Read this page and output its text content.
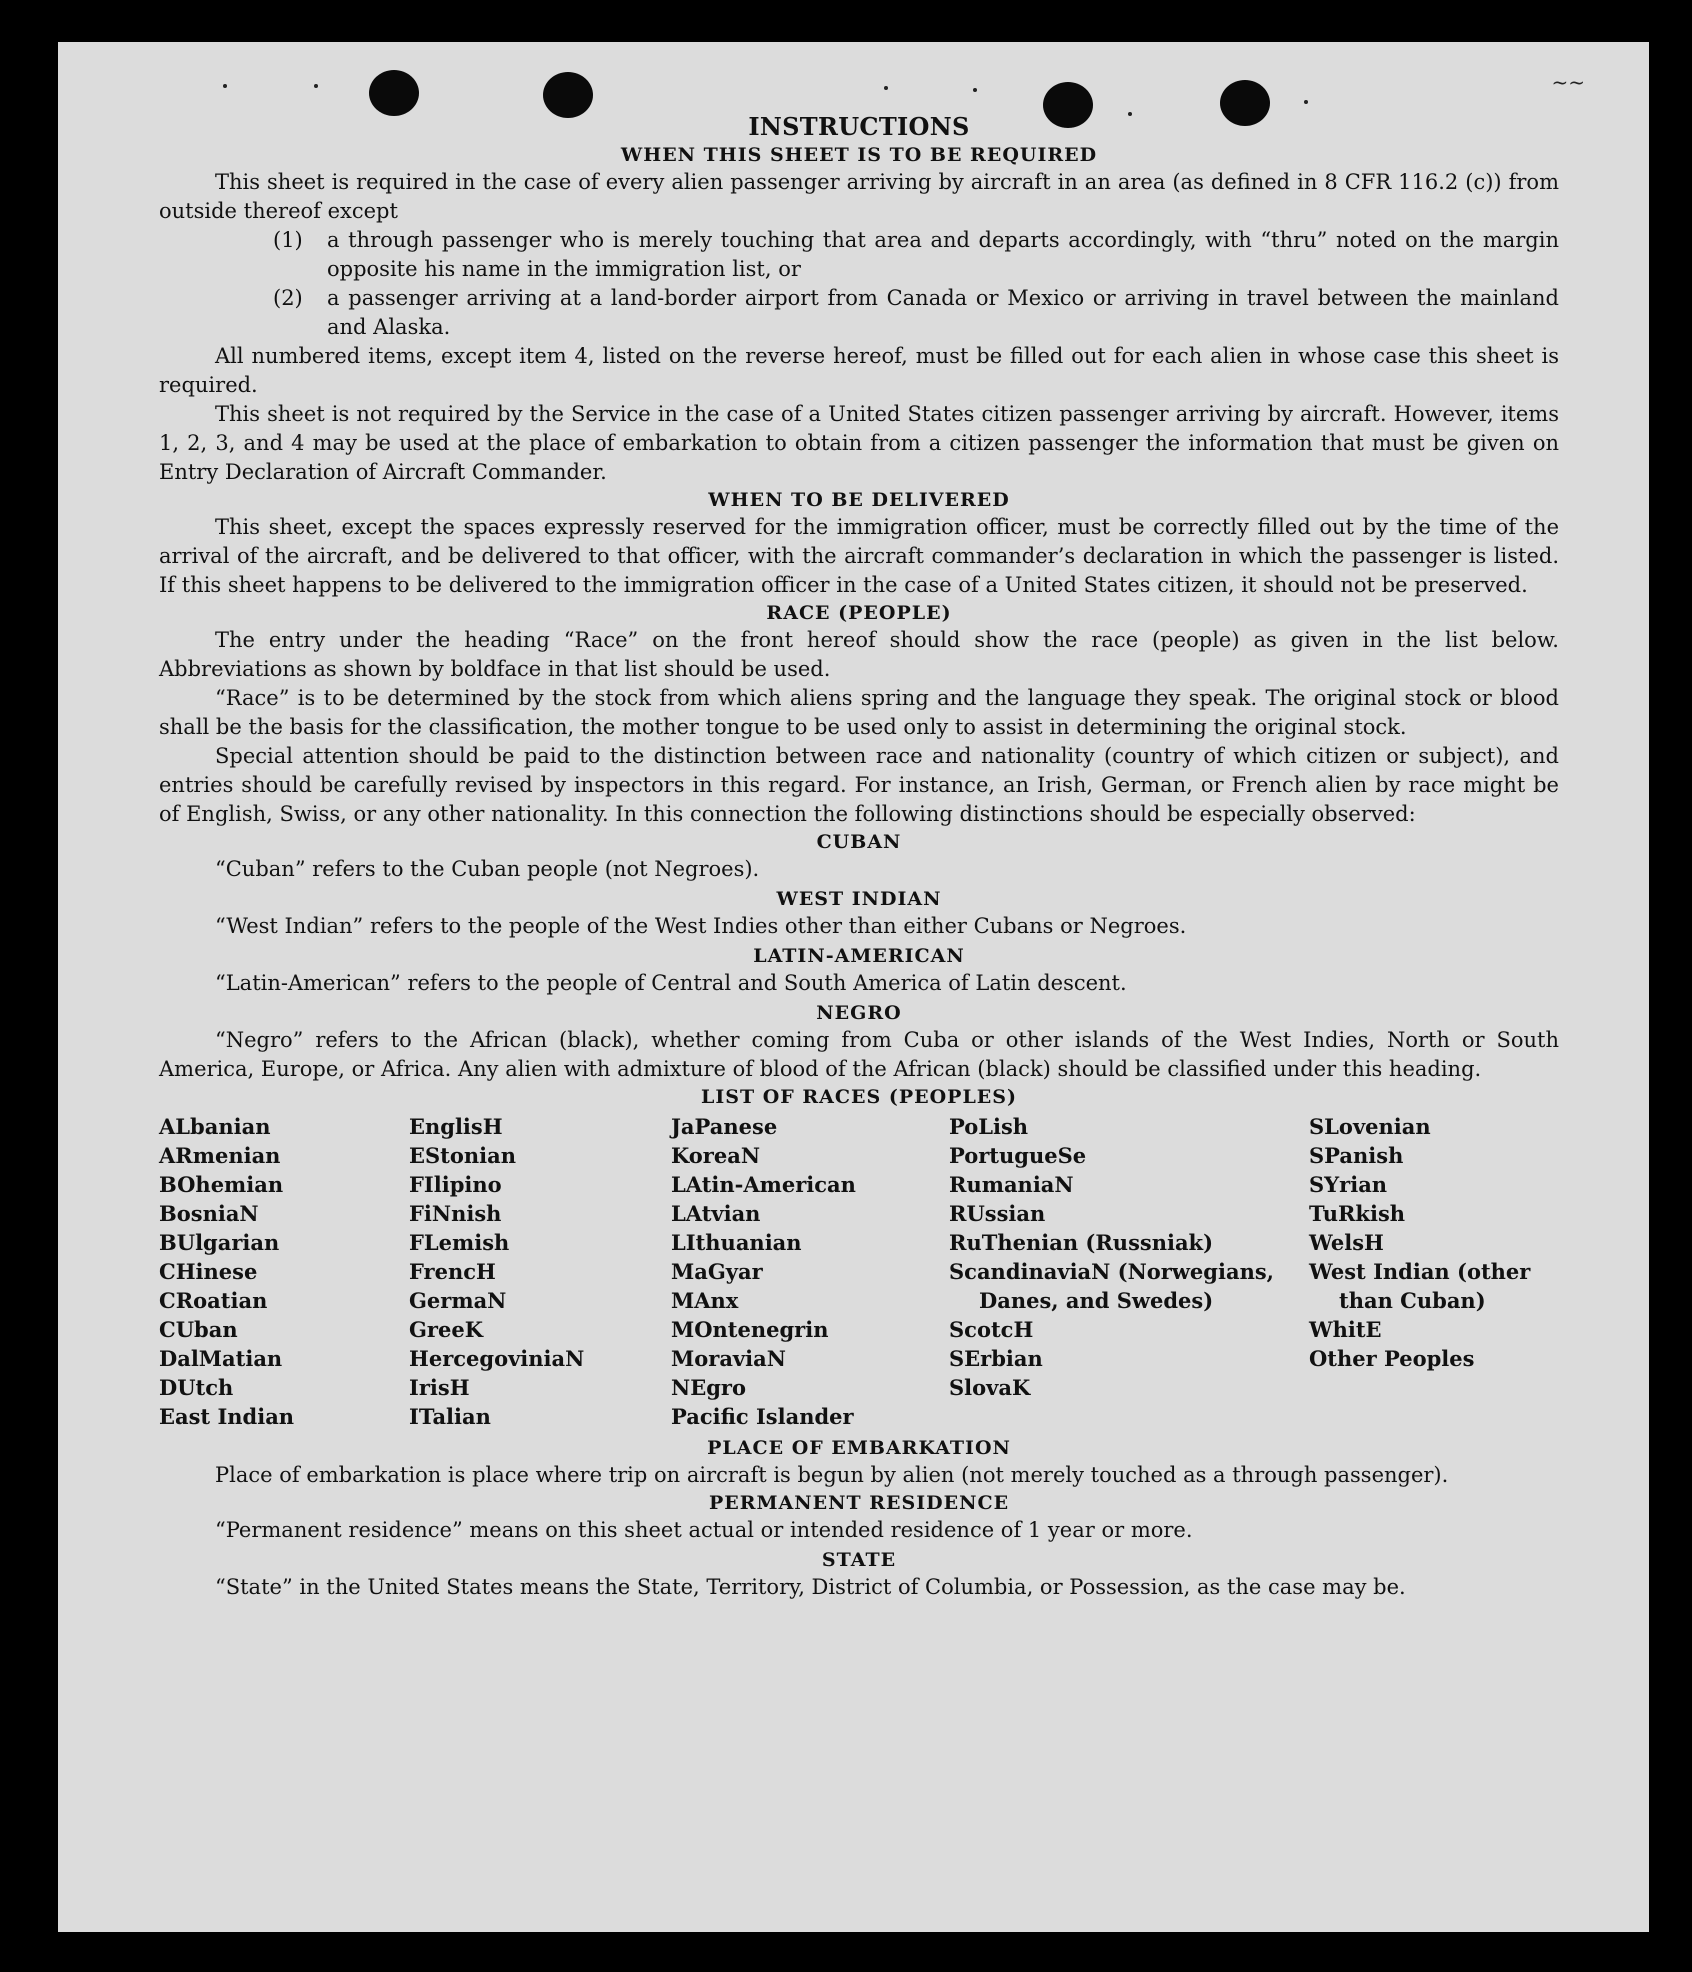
~~
INSTRUCTIONS
WHEN THIS SHEET IS TO BE REQUIRED

This sheet is required in the case of every alien passenger arriving by aircraft in an area (as defined in 8 CFR 116.2 (c)) from outside thereof except

(1)	a through passenger who is merely touching that area and departs accordingly, with “thru” noted on the margin opposite his name in the immigration list, or
(2)	a passenger arriving at a land-border airport from Canada or Mexico or arriving in travel between the mainland and Alaska.

All numbered items, except item 4, listed on the reverse hereof, must be filled out for each alien in whose case this sheet is required.

This sheet is not required by the Service in the case of a United States citizen passenger arriving by aircraft. However, items 1, 2, 3, and 4 may be used at the place of embarkation to obtain from a citizen passenger the information that must be given on Entry Declaration of Aircraft Commander.

WHEN TO BE DELIVERED

This sheet, except the spaces expressly reserved for the immigration officer, must be correctly filled out by the time of the arrival of the aircraft, and be delivered to that officer, with the aircraft commander’s declaration in which the passenger is listed. If this sheet happens to be delivered to the immigration officer in the case of a United States citizen, it should not be preserved.

RACE (PEOPLE)

The entry under the heading “Race” on the front hereof should show the race (people) as given in the list below. Abbreviations as shown by boldface in that list should be used.

“Race” is to be determined by the stock from which aliens spring and the language they speak. The original stock or blood shall be the basis for the classification, the mother tongue to be used only to assist in determining the original stock.

Special attention should be paid to the distinction between race and nationality (country of which citizen or subject), and entries should be carefully revised by inspectors in this regard. For instance, an Irish, German, or French alien by race might be of English, Swiss, or any other nationality. In this connection the following distinctions should be especially observed:

CUBAN

“Cuban” refers to the Cuban people (not Negroes).

WEST INDIAN

“West Indian” refers to the people of the West Indies other than either Cubans or Negroes.

LATIN-AMERICAN

“Latin-American” refers to the people of Central and South America of Latin descent.

NEGRO

“Negro” refers to the African (black), whether coming from Cuba or other islands of the West Indies, North or South America, Europe, or Africa. Any alien with admixture of blood of the African (black) should be classified under this heading.

LIST OF RACES (PEOPLES)
ALbanian
ARmenian
BOhemian
BosniaN
BUlgarian
CHinese
CRoatian
CUban
DalMatian
DUtch
East Indian
EnglisH
EStonian
FIlipino
FiNnish
FLemish
FrencH
GermaN
GreeK
HercegoviniaN
IrisH
ITalian
JaPanese
KoreaN
LAtin-American
LAtvian
LIthuanian
MaGyar
MAnx
MOntenegrin
MoraviaN
NEgro
Pacific Islander
PoLish
PortugueSe
RumaniaN
RUssian
RuThenian (Russniak)
ScandinaviaN (Norwegians, Danes, and Swedes)
ScotcH
SErbian
SlovaK
SLovenian
SPanish
SYrian
TuRkish
WelsH
West Indian (other than Cuban)
WhitE
Other Peoples
PLACE OF EMBARKATION

Place of embarkation is place where trip on aircraft is begun by alien (not merely touched as a through passenger).

PERMANENT RESIDENCE

“Permanent residence” means on this sheet actual or intended residence of 1 year or more.

STATE

“State” in the United States means the State, Territory, District of Columbia, or Possession, as the case may be.
